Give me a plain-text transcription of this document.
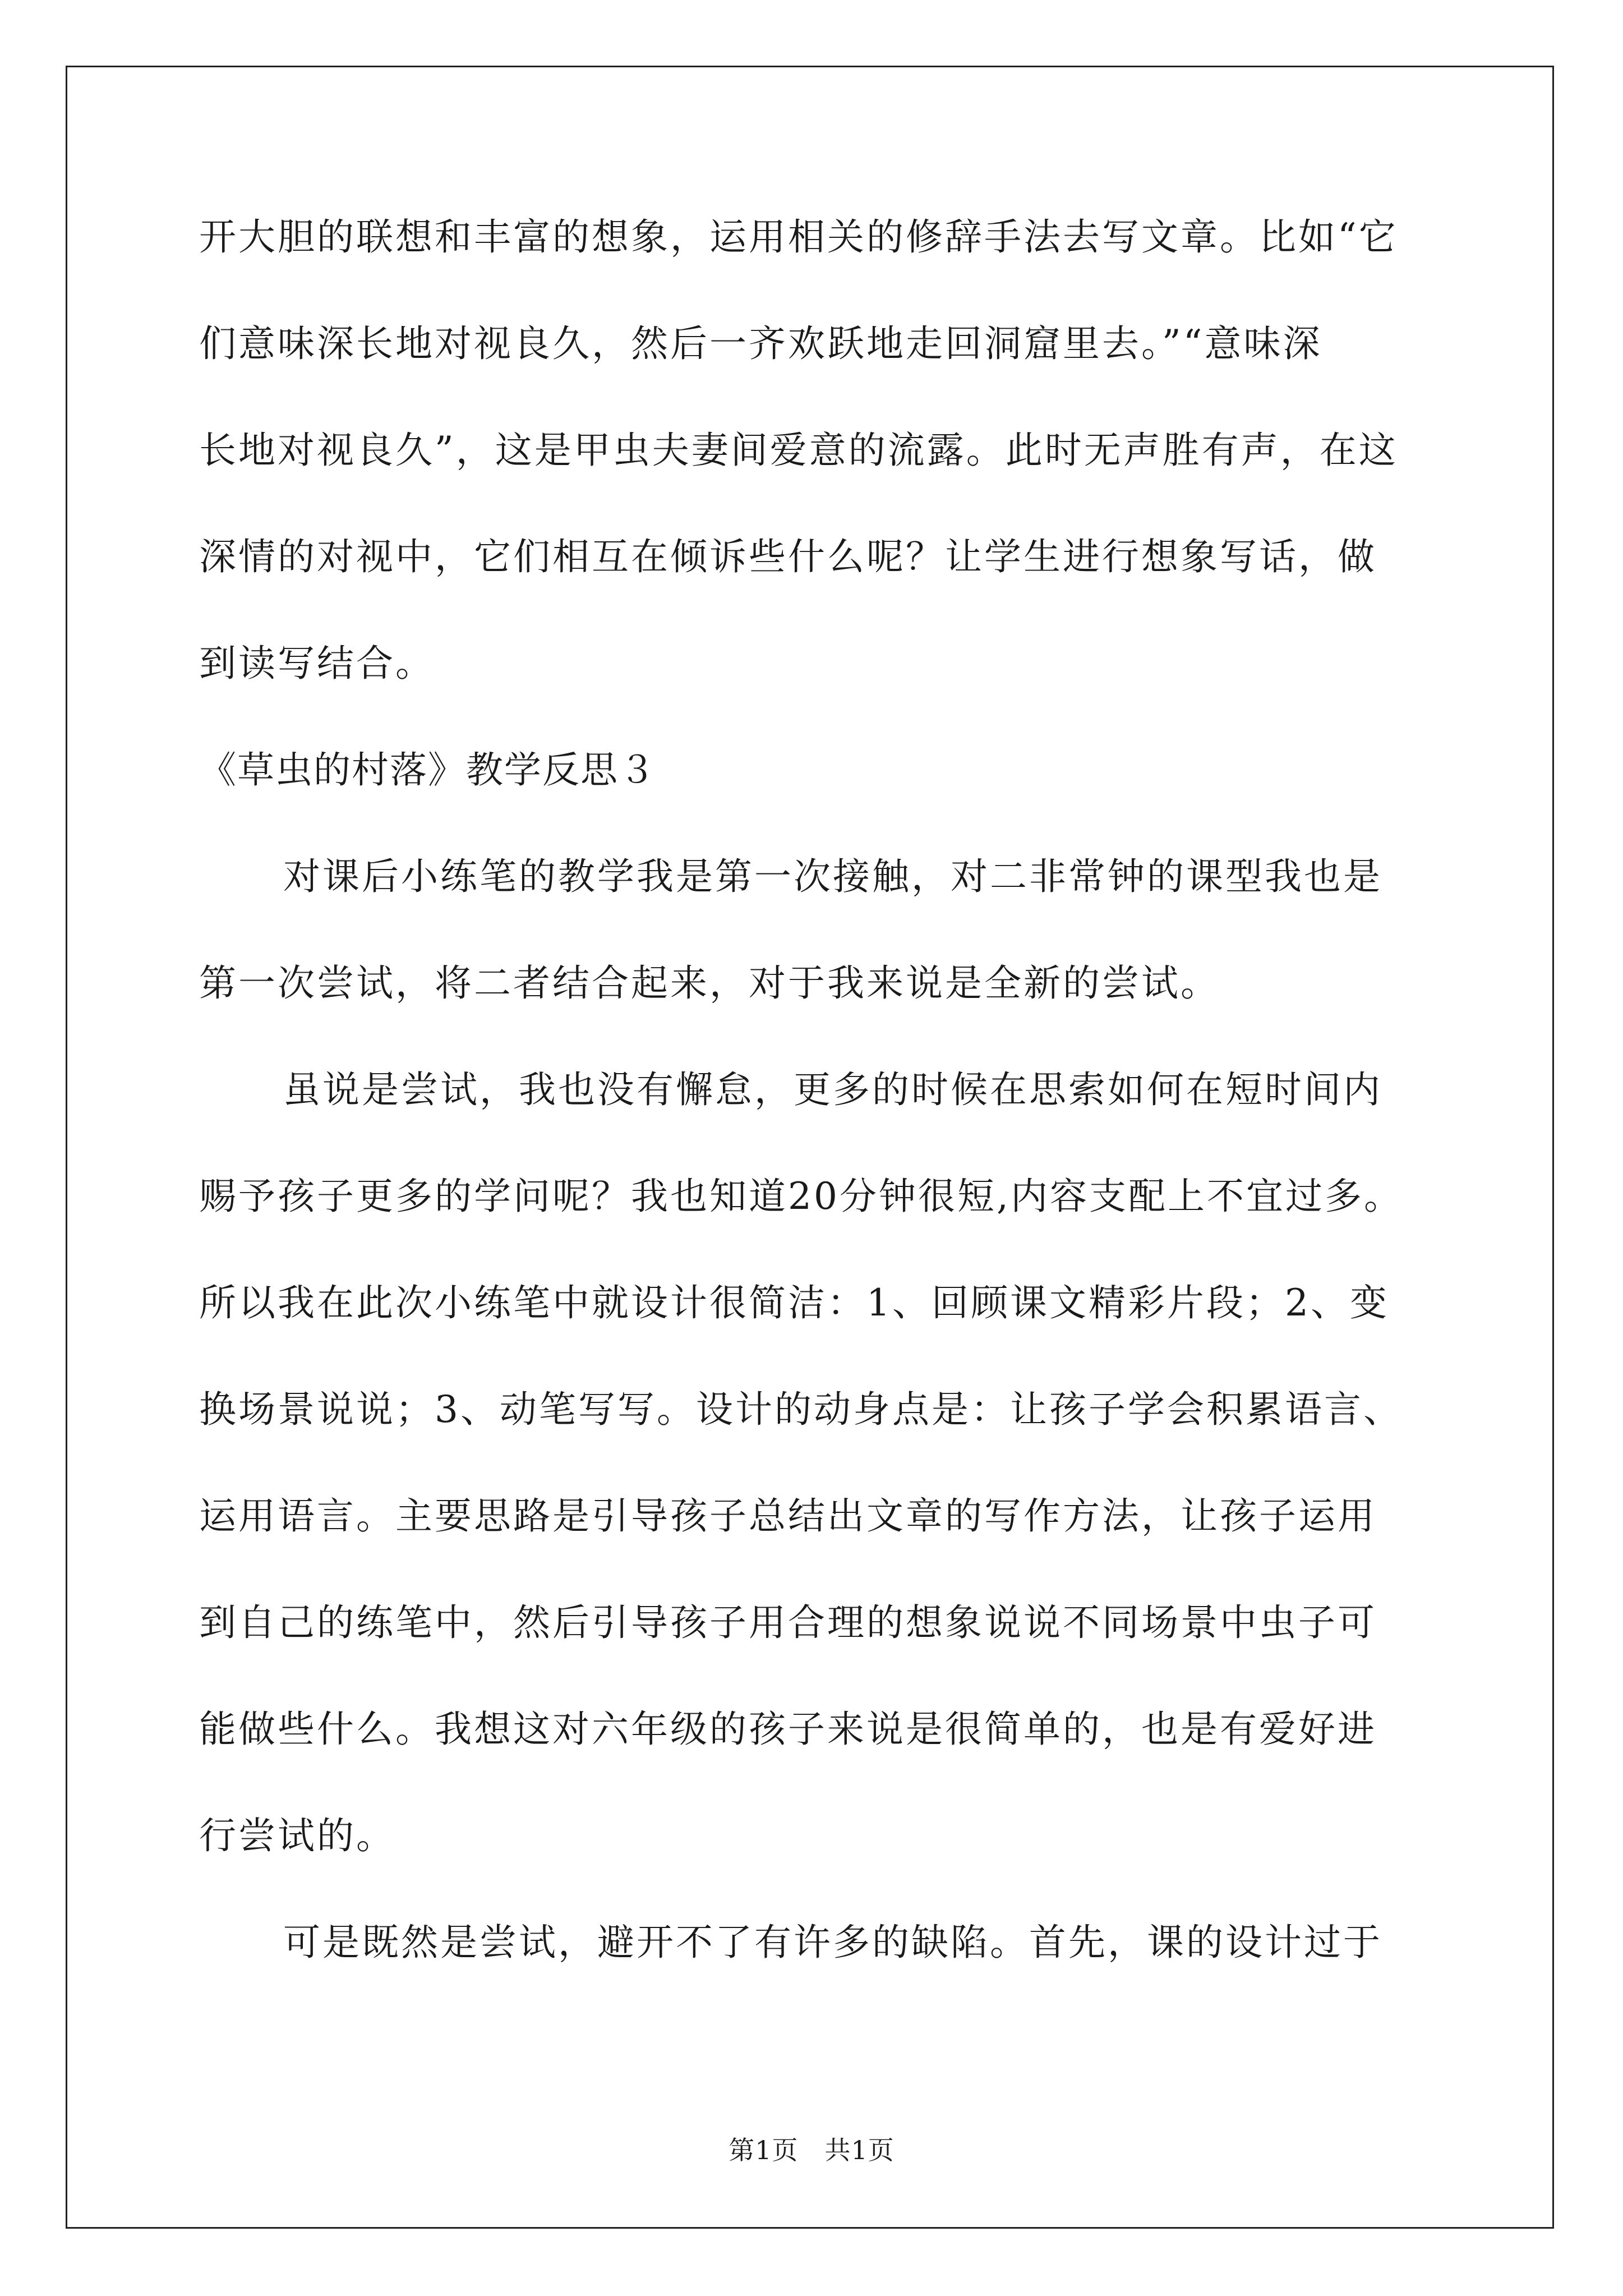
开大胆的联想和丰富的想象，运用相关的修辞手法去写文章。比如“它
们意味深长地对视良久，然后一齐欢跃地走回洞窟里去。”“意味深
长地对视良久”，这是甲虫夫妻间爱意的流露。此时无声胜有声，在这
深情的对视中，它们相互在倾诉些什么呢？让学生进行想象写话，做
到读写结合。
《草虫的村落》教学反思３
对课后小练笔的教学我是第一次接触，对二非常钟的课型我也是
第一次尝试，将二者结合起来，对于我来说是全新的尝试。
虽说是尝试，我也没有懈怠，更多的时候在思索如何在短时间内
赐予孩子更多的学问呢？我也知道20分钟很短,内容支配上不宜过多。
所以我在此次小练笔中就设计很简洁：1、回顾课文精彩片段；2、变
换场景说说；3、动笔写写。设计的动身点是：让孩子学会积累语言、
运用语言。主要思路是引导孩子总结出文章的写作方法，让孩子运用
到自己的练笔中，然后引导孩子用合理的想象说说不同场景中虫子可
能做些什么。我想这对六年级的孩子来说是很简单的，也是有爱好进
行尝试的。
可是既然是尝试，避开不了有许多的缺陷。首先，课的设计过于
第1页　共1页
